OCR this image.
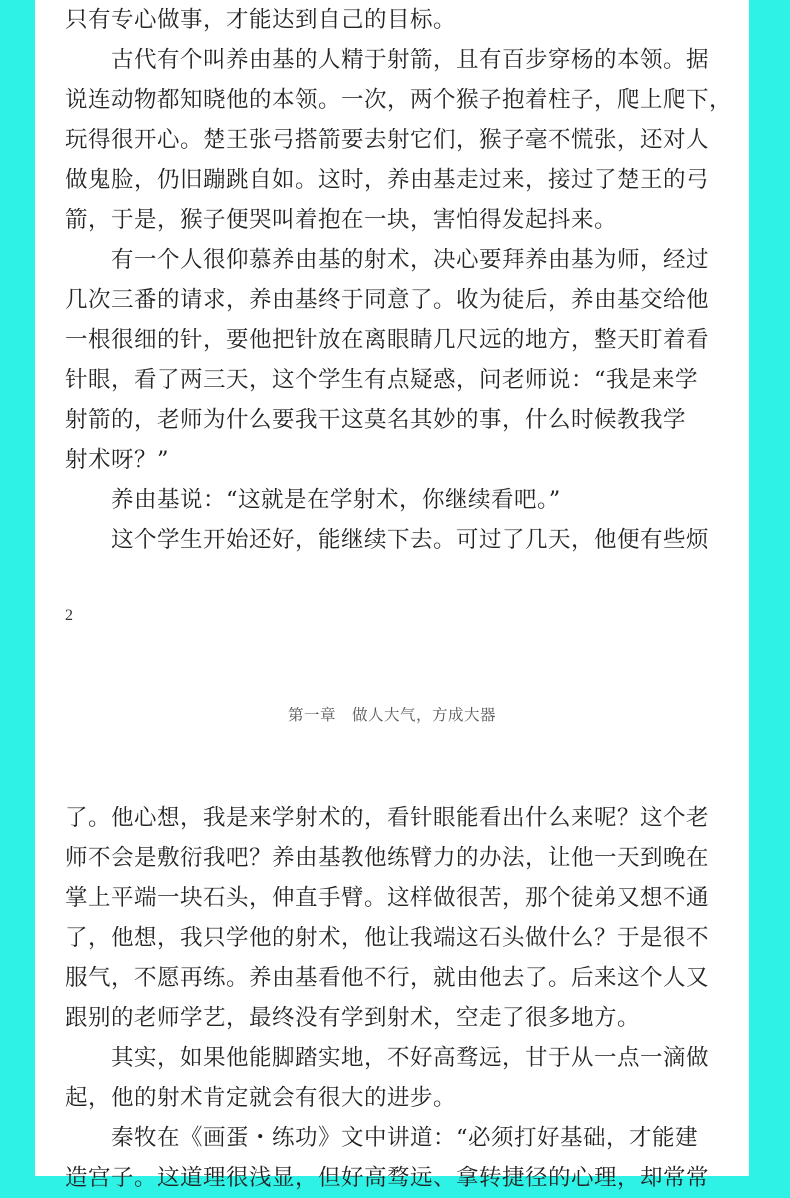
只有专心做事，才能达到自己的目标。
古代有个叫养由基的人精于射箭，且有百步穿杨的本领。据
说连动物都知晓他的本领。一次，两个猴子抱着柱子，爬上爬下，
玩得很开心。楚王张弓搭箭要去射它们，猴子毫不慌张，还对人
做鬼脸，仍旧蹦跳自如。这时，养由基走过来，接过了楚王的弓
箭，于是，猴子便哭叫着抱在一块，害怕得发起抖来。
有一个人很仰慕养由基的射术，决心要拜养由基为师，经过
几次三番的请求，养由基终于同意了。收为徒后，养由基交给他
一根很细的针，要他把针放在离眼睛几尺远的地方，整天盯着看
针眼，看了两三天，这个学生有点疑惑，问老师说：“我是来学
射箭的，老师为什么要我干这莫名其妙的事，什么时候教我学
射术呀？”
养由基说：“这就是在学射术，你继续看吧。”
这个学生开始还好，能继续下去。可过了几天，他便有些烦
2
第一章　做人大气，方成大器
了。他心想，我是来学射术的，看针眼能看出什么来呢？这个老
师不会是敷衍我吧？养由基教他练臂力的办法，让他一天到晚在
掌上平端一块石头，伸直手臂。这样做很苦，那个徒弟又想不通
了，他想，我只学他的射术，他让我端这石头做什么？于是很不
服气，不愿再练。养由基看他不行，就由他去了。后来这个人又
跟别的老师学艺，最终没有学到射术，空走了很多地方。
其实，如果他能脚踏实地，不好高骛远，甘于从一点一滴做
起，他的射术肯定就会有很大的进步。
秦牧在《画蛋・练功》文中讲道：“必须打好基础，才能建
造宫子。这道理很浅显，但好高骛远、拿转捷径的心理，却常常
